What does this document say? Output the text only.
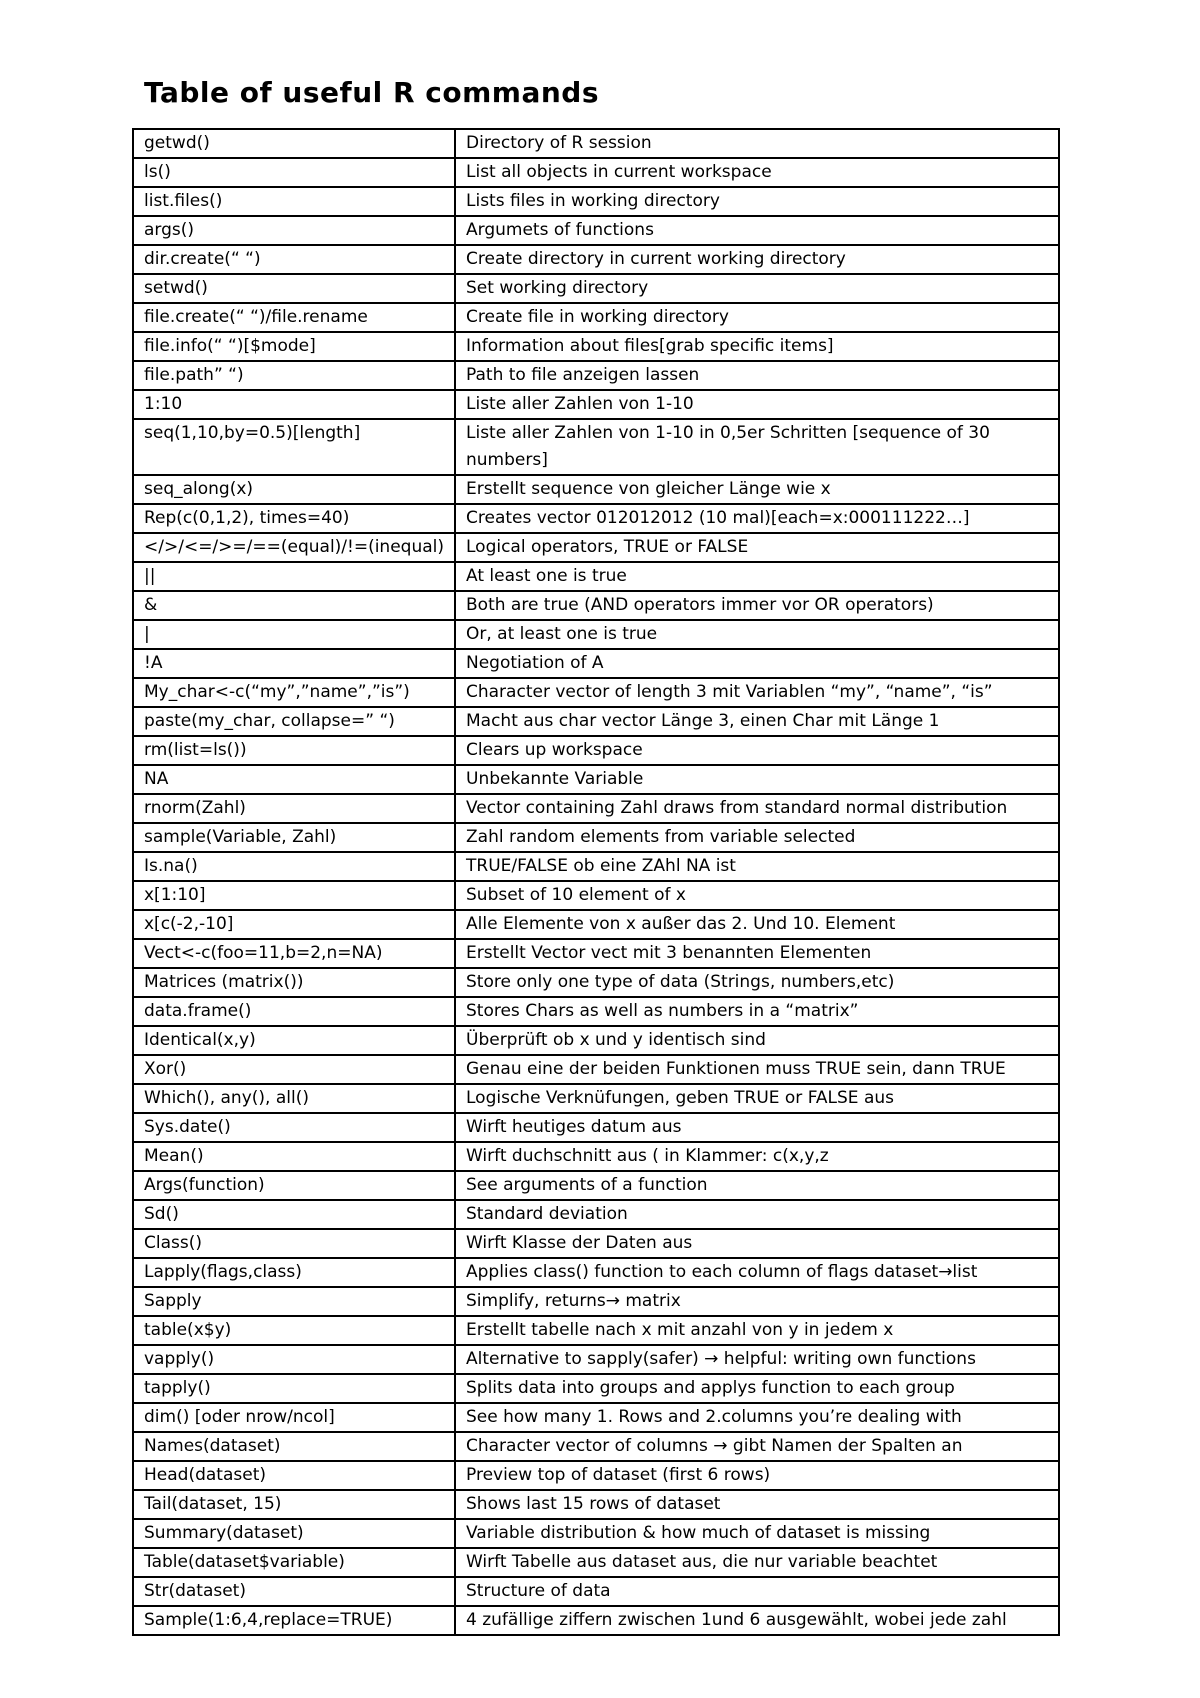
Table of useful R commands
getwd()	Directory of R session
ls()	List all objects in current workspace
list.files()	Lists files in working directory
args()	Argumets of functions
dir.create(“ “)	Create directory in current working directory
setwd()	Set working directory
file.create(“ “)/file.rename	Create file in working directory
file.info(“ “)[$mode]	Information about files[grab specific items]
file.path” “)	Path to file anzeigen lassen
1:10	Liste aller Zahlen von 1-10
seq(1,10,by=0.5)[length]	Liste aller Zahlen von 1-10 in 0,5er Schritten [sequence of 30 numbers]
seq_along(x)	Erstellt sequence von gleicher Länge wie x
Rep(c(0,1,2), times=40)	Creates vector 012012012 (10 mal)[each=x:000111222…]
</>/<=/>=/==(equal)/!=(inequal)	Logical operators, TRUE or FALSE
||	At least one is true
&	Both are true (AND operators immer vor OR operators)
|	Or, at least one is true
!A	Negotiation of A
My_char<-c(“my”,”name”,”is”)	Character vector of length 3 mit Variablen “my”, “name”, “is”
paste(my_char, collapse=” “)	Macht aus char vector Länge 3, einen Char mit Länge 1
rm(list=ls())	Clears up workspace
NA	Unbekannte Variable
rnorm(Zahl)	Vector containing Zahl draws from standard normal distribution
sample(Variable, Zahl)	Zahl random elements from variable selected
Is.na()	TRUE/FALSE ob eine ZAhl NA ist
x[1:10]	Subset of 10 element of x
x[c(-2,-10]	Alle Elemente von x außer das 2. Und 10. Element
Vect<-c(foo=11,b=2,n=NA)	Erstellt Vector vect mit 3 benannten Elementen
Matrices (matrix())	Store only one type of data (Strings, numbers,etc)
data.frame()	Stores Chars as well as numbers in a “matrix”
Identical(x,y)	Überprüft ob x und y identisch sind
Xor()	Genau eine der beiden Funktionen muss TRUE sein, dann TRUE
Which(), any(), all()	Logische Verknüfungen, geben TRUE or FALSE aus
Sys.date()	Wirft heutiges datum aus
Mean()	Wirft duchschnitt aus ( in Klammer: c(x,y,z
Args(function)	See arguments of a function
Sd()	Standard deviation
Class()	Wirft Klasse der Daten aus
Lapply(flags,class)	Applies class() function to each column of flags dataset→list
Sapply	Simplify, returns→ matrix
table(x$y)	Erstellt tabelle nach x mit anzahl von y in jedem x
vapply()	Alternative to sapply(safer) → helpful: writing own functions
tapply()	Splits data into groups and applys function to each group
dim() [oder nrow/ncol]	See how many 1. Rows and 2.columns you’re dealing with
Names(dataset)	Character vector of columns → gibt Namen der Spalten an
Head(dataset)	Preview top of dataset (first 6 rows)
Tail(dataset, 15)	Shows last 15 rows of dataset
Summary(dataset)	Variable distribution & how much of dataset is missing
Table(dataset$variable)	Wirft Tabelle aus dataset aus, die nur variable beachtet
Str(dataset)	Structure of data
Sample(1:6,4,replace=TRUE)	4 zufällige ziffern zwischen 1und 6 ausgewählt, wobei jede zahl
